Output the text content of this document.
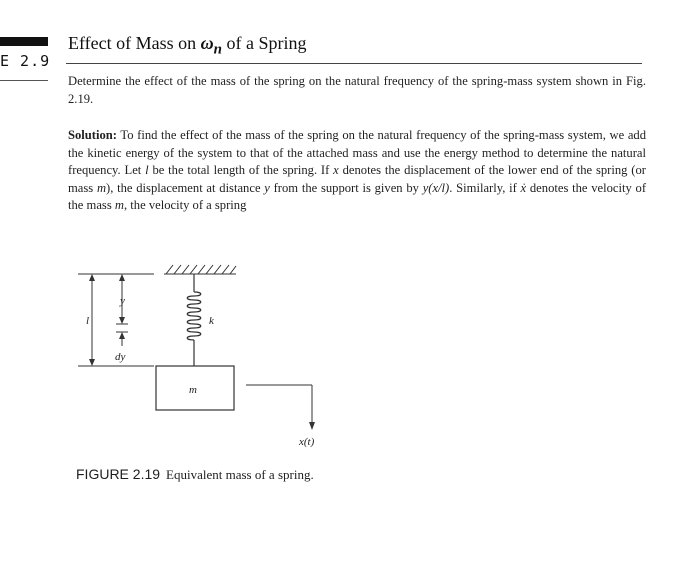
E 2.9
Effect of Mass on $\omega_n$ of a Spring

Determine the effect of the mass of the spring on the natural frequency of the spring-mass system shown in Fig. 2.19.

Solution: To find the effect of the mass of the spring on the natural frequency of the spring-mass system, we add the kinetic energy of the system to that of the attached mass and use the energy method to determine the natural frequency. Let l be the total length of the spring. If x denotes the displacement of the lower end of the spring (or mass m), the displacement at distance y from the support is given by y(x/l). Similarly, if ẋ denotes the velocity of the mass m, the velocity of a spring

k
m
x(t)
l
y
dy

FIGURE 2.19 Equivalent mass of a spring.
